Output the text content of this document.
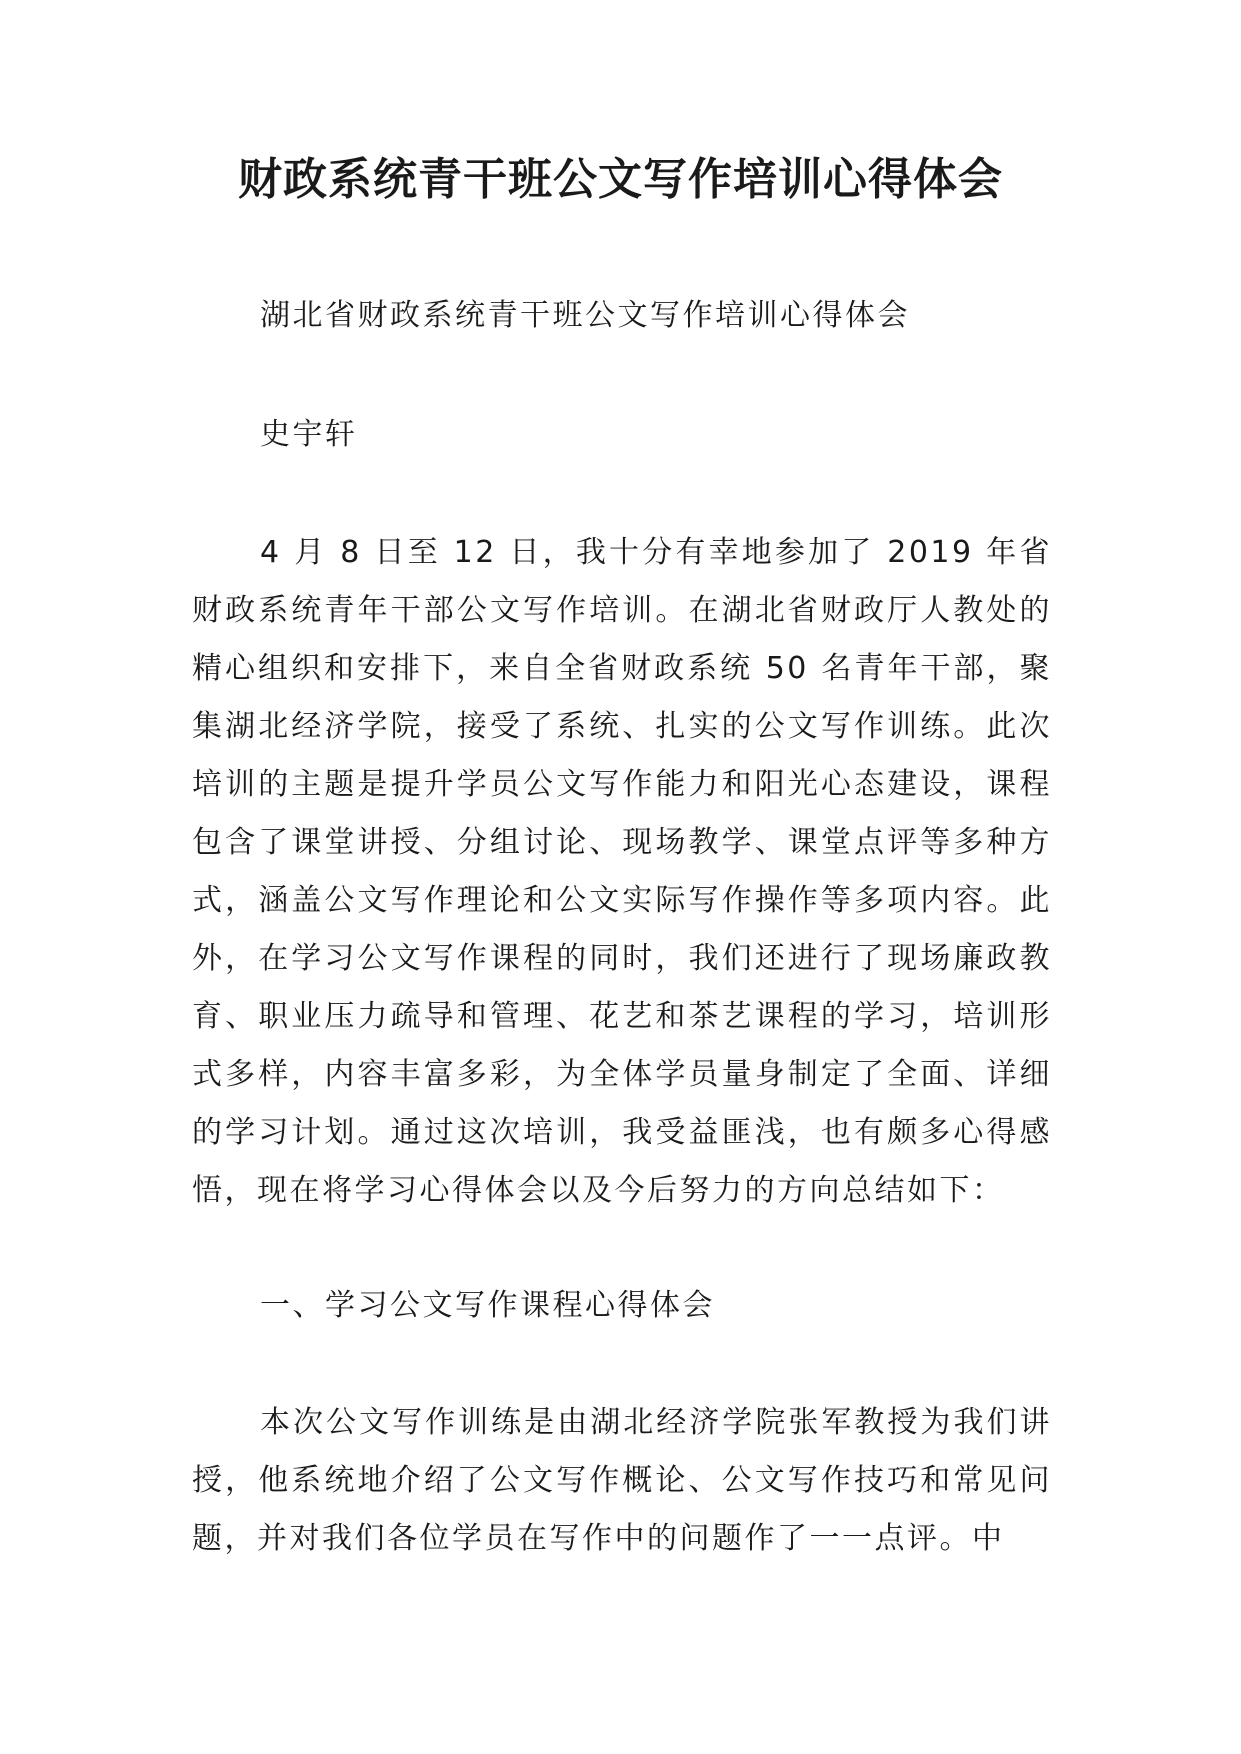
财政系统青干班公文写作培训心得体会

湖北省财政系统青干班公文写作培训心得体会

史宇轩

4 月 8 日至 12 日，我十分有幸地参加了 2019 年省财政系统青年干部公文写作培训。在湖北省财政厅人教处的精心组织和安排下，来自全省财政系统 50 名青年干部，聚集湖北经济学院，接受了系统、扎实的公文写作训练。此次培训的主题是提升学员公文写作能力和阳光心态建设，课程包含了课堂讲授、分组讨论、现场教学、课堂点评等多种方式，涵盖公文写作理论和公文实际写作操作等多项内容。此外，在学习公文写作课程的同时，我们还进行了现场廉政教育、职业压力疏导和管理、花艺和茶艺课程的学习，培训形式多样，内容丰富多彩，为全体学员量身制定了全面、详细的学习计划。通过这次培训，我受益匪浅，也有颇多心得感悟，现在将学习心得体会以及今后努力的方向总结如下：

一、学习公文写作课程心得体会

本次公文写作训练是由湖北经济学院张军教授为我们讲授，他系统地介绍了公文写作概论、公文写作技巧和常见问题，并对我们各位学员在写作中的问题作了一一点评。中
